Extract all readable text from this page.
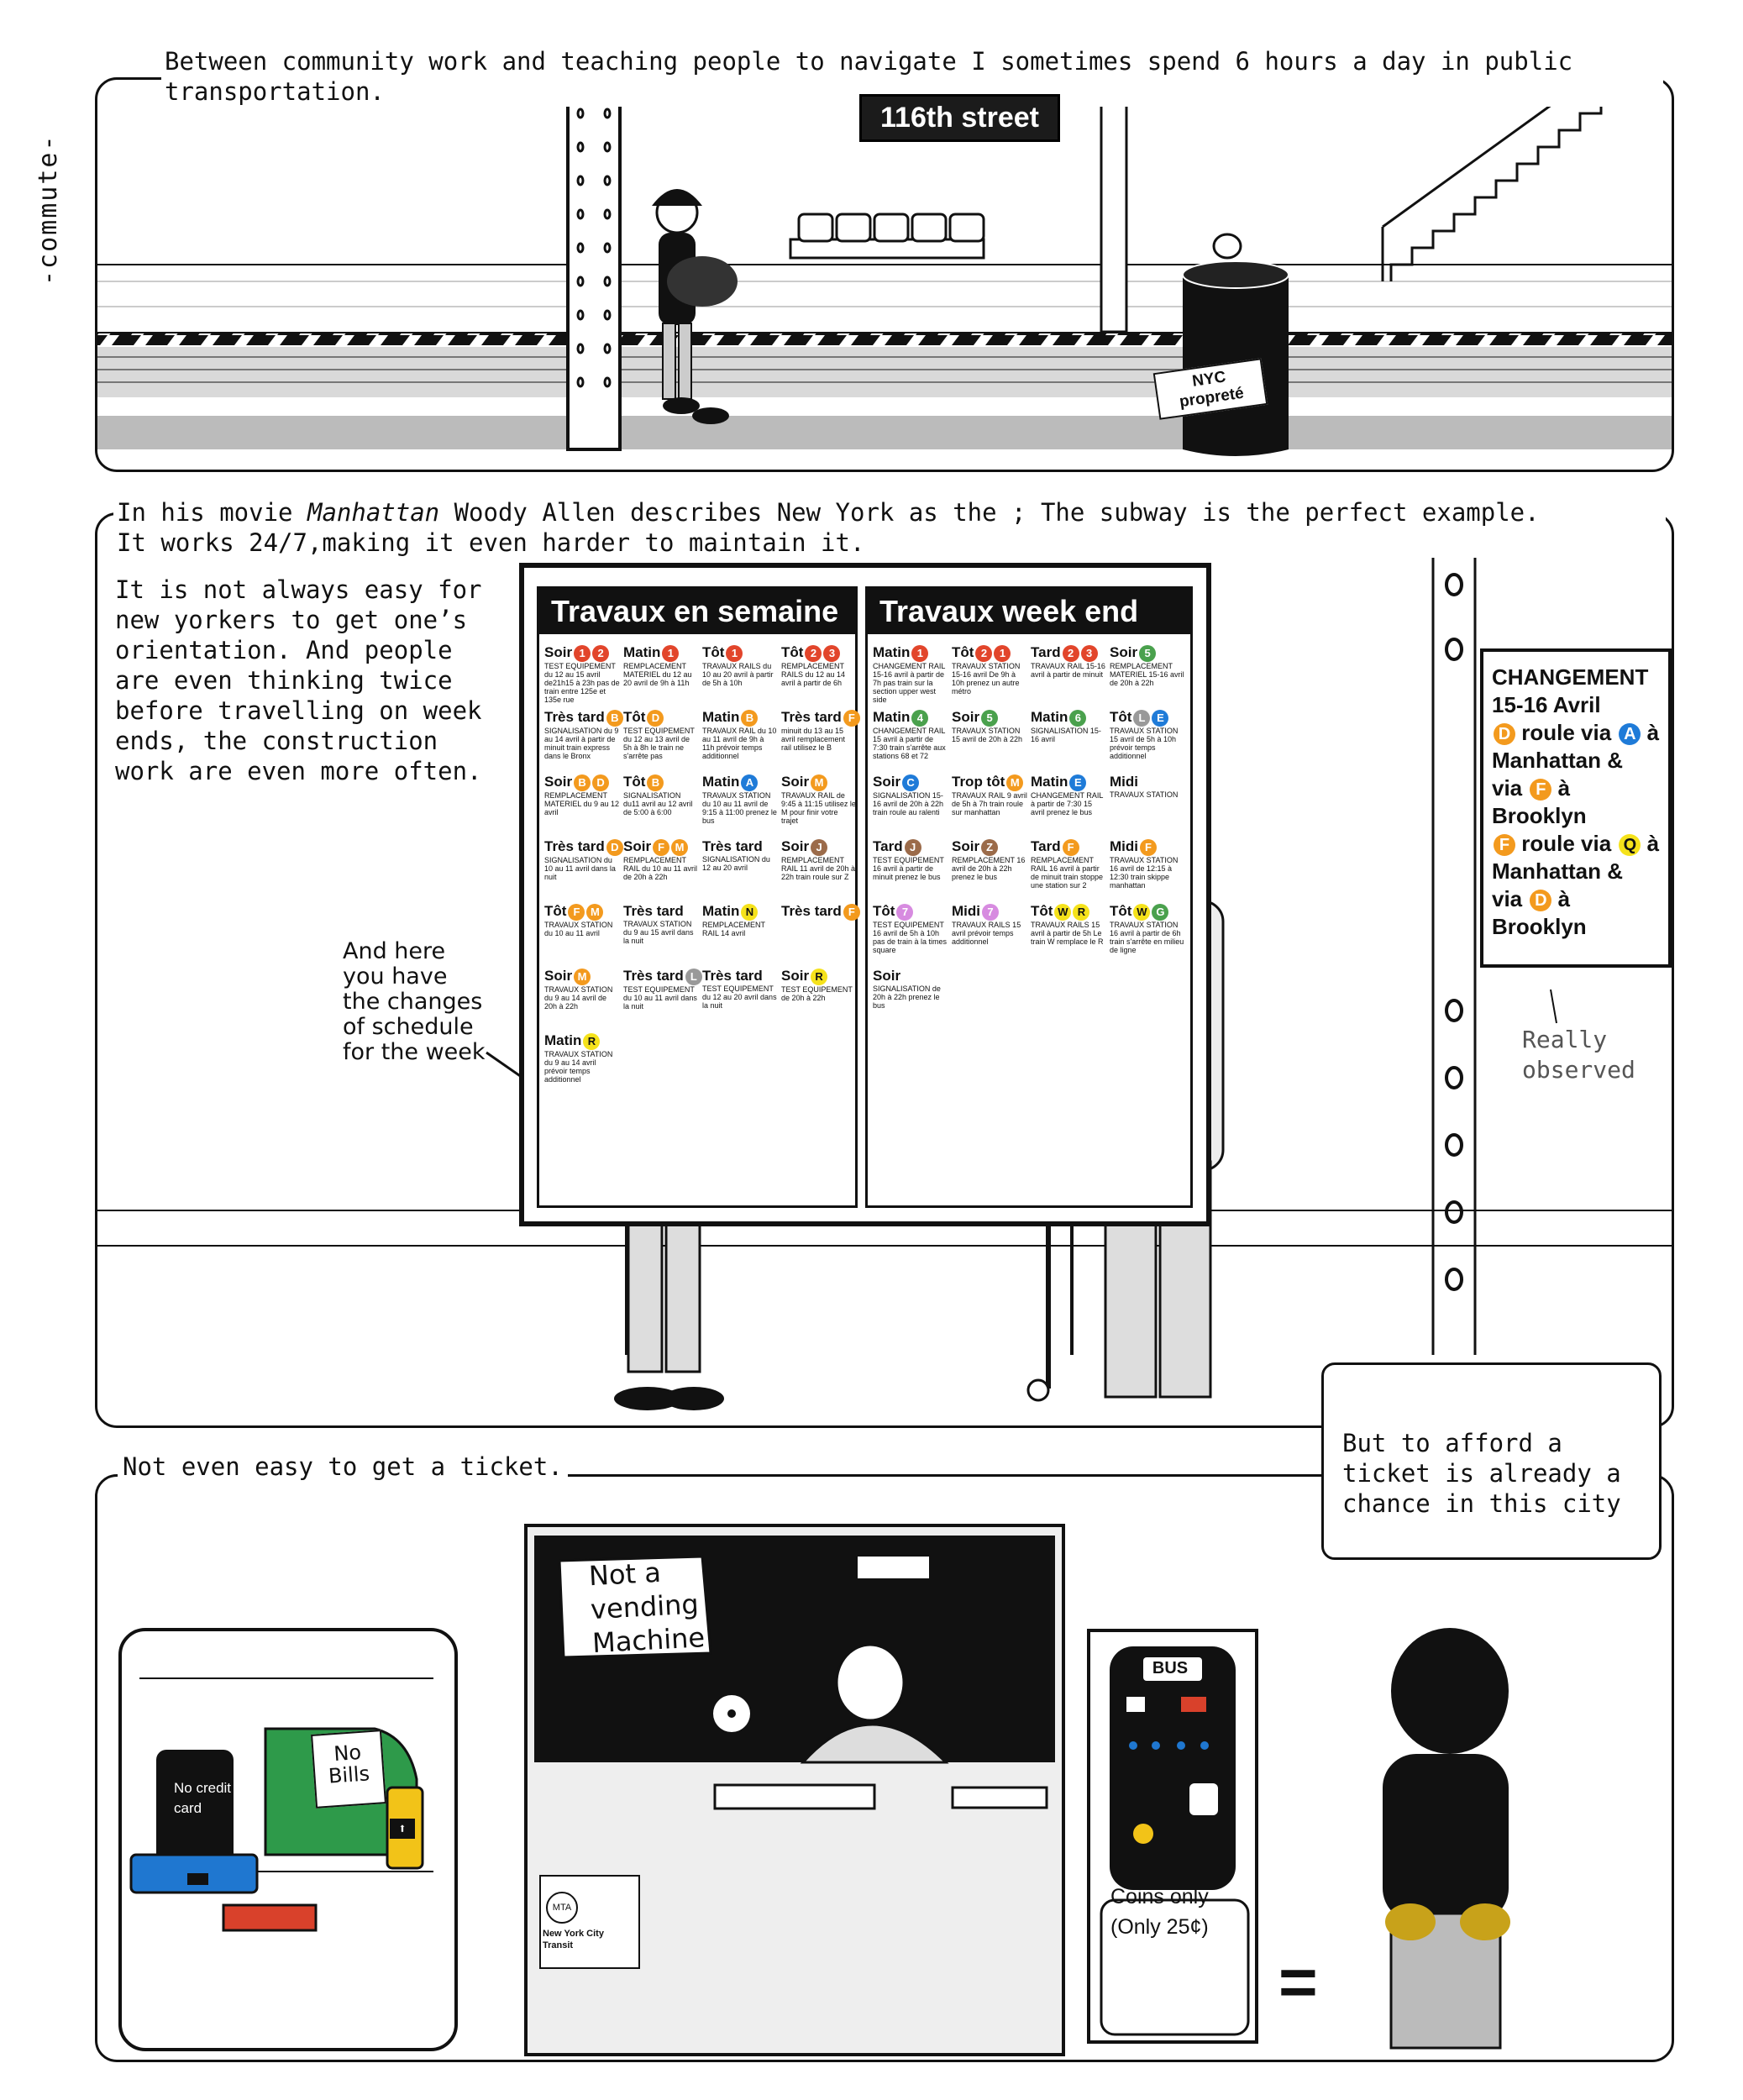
-commute-
NYC propreté
Between community work and teaching people to navigate I sometimes spend 6 hours a day in public transportation.
116th street
In his movie Manhattan Woody Allen describes New York as the ; The subway is the perfect example.
It works 24/7,making it even harder to maintain it.
It is not always easy for new yorkers to get one’s orientation. And people are even thinking twice before travelling on week ends, the construction work are even more often.
And here you have the changes of schedule for the week	Really observed
Travaux en semaine
Soir 1 2
TEST EQUIPEMENT du 12 au 15 avril de21h15 à 23h pas de train entre 125e et 135e rue
Matin 1
REMPLACEMENT MATERIEL du 12 au 20 avril de 9h à 11h
Tôt 1
TRAVAUX RAILS du 10 au 20 avril à partir de 5h à 10h
Tôt 2 3
REMPLACEMENT RAILS du 12 au 14 avril à partir de 6h
Très tard B
SIGNALISATION du 9 au 14 avril à partir de minuit train express dans le Bronx
Tôt D
TEST EQUIPEMENT du 12 au 13 avril de 5h à 8h le train ne s'arrête pas
Matin B
TRAVAUX RAIL du 10 au 11 avril de 9h à 11h prévoir temps additionnel
Très tard F
minuit du 13 au 15 avril remplacement rail utilisez le B
Soir B D
REMPLACEMENT MATERIEL du 9 au 12 avril
Tôt B
SIGNALISATION du11 avril au 12 avril de 5:00 à 6:00
Matin A
TRAVAUX STATION du 10 au 11 avril de 9:15 à 11:00 prenez le bus
Soir M
TRAVAUX RAIL de 9:45 à 11:15 utilisez le M pour finir votre trajet
Très tard D
SIGNALISATION du 10 au 11 avril dans la nuit
Soir F M
REMPLACEMENT RAIL du 10 au 11 avril de 20h à 22h
Très tard
SIGNALISATION du 12 au 20 avril
Soir J
REMPLACEMENT RAIL 11 avril de 20h à 22h train roule sur Z
Tôt F M
TRAVAUX STATION du 10 au 11 avril
Très tard
TRAVAUX STATION du 9 au 15 avril dans la nuit
Matin N
REMPLACEMENT RAIL 14 avril
Très tard F
Soir M
TRAVAUX STATION du 9 au 14 avril de 20h à 22h
Très tard L
TEST EQUIPEMENT du 10 au 11 avril dans la nuit
Très tard
TEST EQUIPEMENT du 12 au 20 avril dans la nuit
Soir R
TEST EQUIPEMENT de 20h à 22h
Matin R
TRAVAUX STATION du 9 au 14 avril prévoir temps additionnel
Travaux week end
Matin 1
CHANGEMENT RAIL 15-16 avril à partir de 7h pas train sur la section upper west side
Tôt 2 1
TRAVAUX STATION 15-16 avril De 9h à 10h prenez un autre métro
Tard 2 3
TRAVAUX RAIL 15-16 avril à partir de minuit
Soir 5
REMPLACEMENT MATERIEL 15-16 avril de 20h à 22h
Matin 4
CHANGEMENT RAIL 15 avril à partir de 7:30 train s'arrête aux stations 68 et 72
Soir 5
TRAVAUX STATION 15 avril de 20h à 22h
Matin 6
SIGNALISATION 15-16 avril
Tôt L E
TRAVAUX STATION 15 avril de 5h à 10h prévoir temps additionnel
Soir C
SIGNALISATION 15-16 avril de 20h à 22h train roule au ralenti
Trop tôt M
TRAVAUX RAIL 9 avril de 5h à 7h train roule sur manhattan
Matin E
CHANGEMENT RAIL à partir de 7:30 15 avril prenez le bus
Midi
TRAVAUX STATION
Tard J
TEST EQUIPEMENT 16 avril à partir de minuit prenez le bus
Soir Z
REMPLACEMENT 16 avril de 20h à 22h prenez le bus
Tard F
REMPLACEMENT RAIL 16 avril à partir de minuit train stoppe une station sur 2
Midi F
TRAVAUX STATION 16 avril de 12:15 à 12:30 train skippe manhattan
Tôt 7
TEST EQUIPEMENT 16 avril de 5h à 10h pas de train à la times square
Midi 7
TRAVAUX RAILS 15 avril prévoir temps additionnel
Tôt W R
TRAVAUX RAILS 15 avril à partir de 5h Le train W remplace le R
Tôt W G
TRAVAUX STATION 16 avril à partir de 6h train s'arrête en milieu de ligne
Soir
SIGNALISATION de 20h à 22h prenez le bus
CHANGEMENT
15-16 Avril
D roule via A à
Manhattan &
via F à
Brooklyn
F roule via Q à
Manhattan &
via D à
Brooklyn
Not even easy to get a ticket.
But to afford a ticket is already a chance in this city
No credit card
No Bills
⬆
Not a vending Machine
MTA
New York City Transit
BUS
Coins only (Only 25¢)
=
